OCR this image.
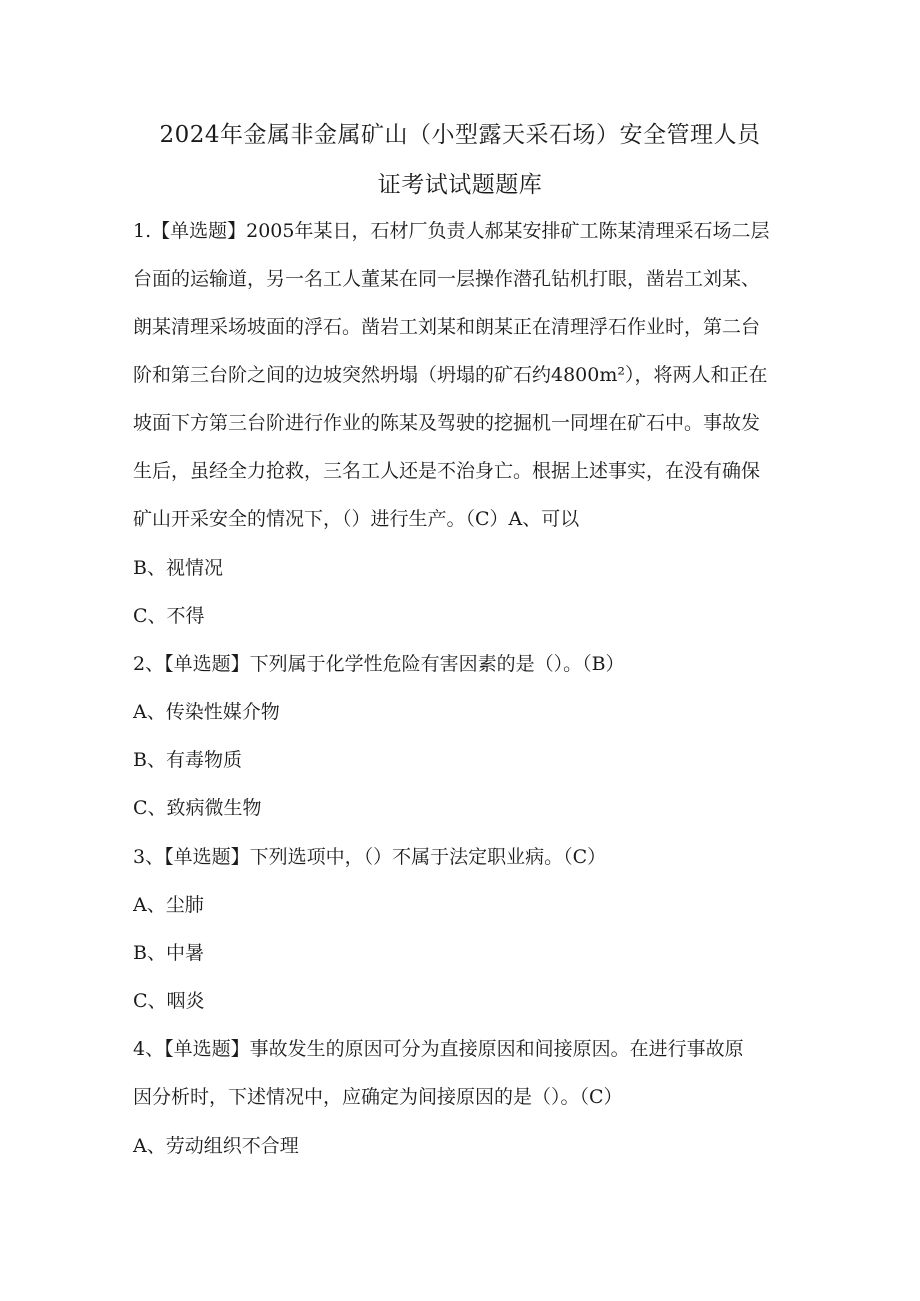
2024年金属非金属矿山（小型露天采石场）安全管理人员
证考试试题题库

1.【单选题】2005年某日，石材厂负责人郝某安排矿工陈某清理采石场二层

台面的运输道，另一名工人董某在同一层操作潜孔钻机打眼，凿岩工刘某、

朗某清理采场坡面的浮石。凿岩工刘某和朗某正在清理浮石作业时，第二台

阶和第三台阶之间的边坡突然坍塌（坍塌的矿石约4800m²），将两人和正在

坡面下方第三台阶进行作业的陈某及驾驶的挖掘机一同埋在矿石中。事故发

生后，虽经全力抢救，三名工人还是不治身亡。根据上述事实，在没有确保

矿山开采安全的情况下，（）进行生产。（C）A、可以

B、视情况

C、不得

2、【单选题】下列属于化学性危险有害因素的是（）。（B）

A、传染性媒介物

B、有毒物质

C、致病微生物

3、【单选题】下列选项中，（）不属于法定职业病。（C）

A、尘肺

B、中暑

C、咽炎

4、【单选题】事故发生的原因可分为直接原因和间接原因。在进行事故原

因分析时，下述情况中，应确定为间接原因的是（）。（C）

A、劳动组织不合理
